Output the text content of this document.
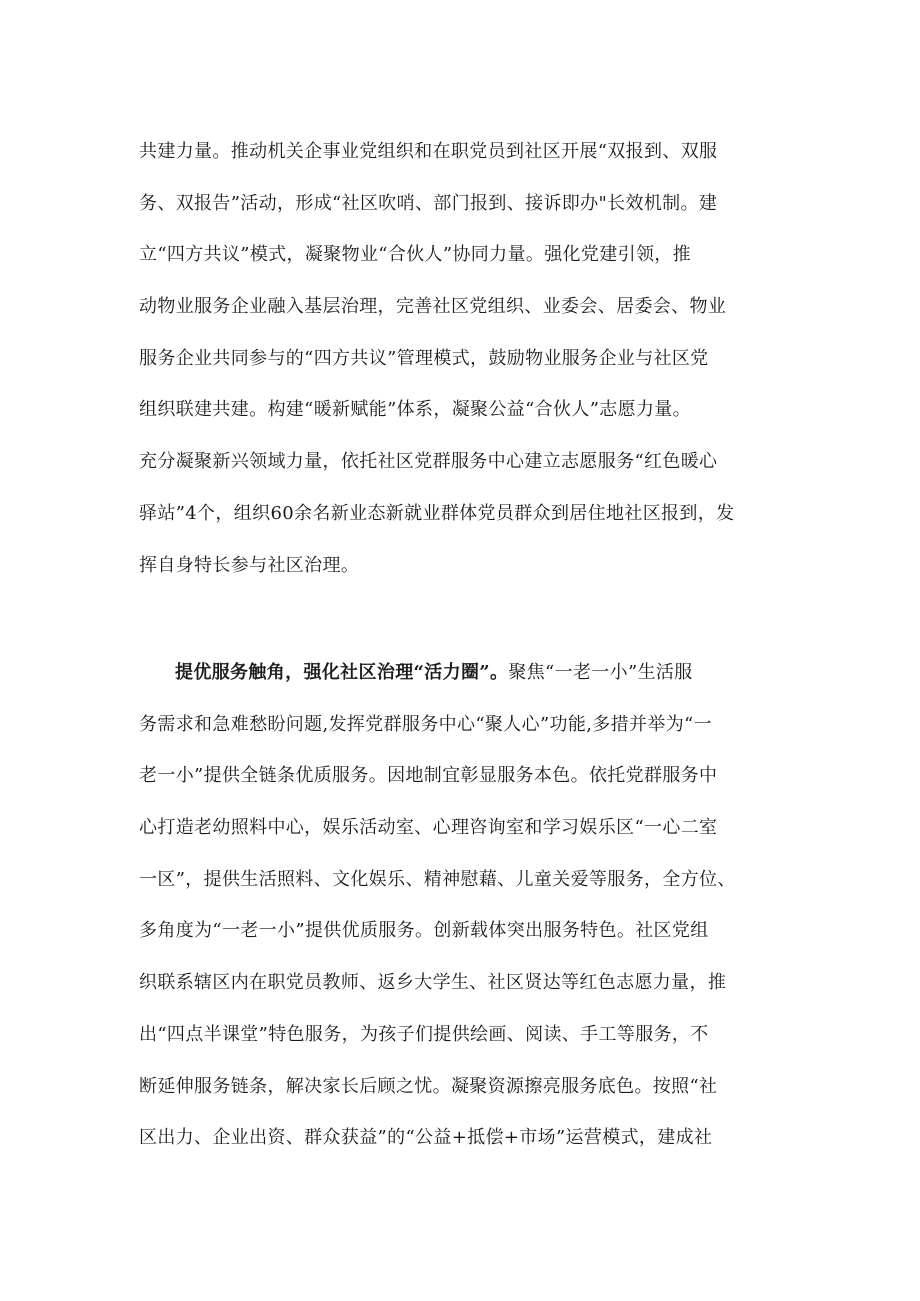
共建力量。推动机关企事业党组织和在职党员到社区开展“双报到、双服
务、双报告”活动，形成“社区吹哨、部门报到、接诉即办"长效机制。建
立“四方共议”模式，凝聚物业“合伙人”协同力量。强化党建引领，推
动物业服务企业融入基层治理，完善社区党组织、业委会、居委会、物业
服务企业共同参与的“四方共议”管理模式，鼓励物业服务企业与社区党
组织联建共建。构建“暖新赋能”体系，凝聚公益“合伙人”志愿力量。
充分凝聚新兴领域力量，依托社区党群服务中心建立志愿服务“红色暖心
驿站”4个，组织60余名新业态新就业群体党员群众到居住地社区报到，发
挥自身特长参与社区治理。
提优服务触角，强化社区治理“活力圈”。聚焦“一老一小”生活服
务需求和急难愁盼问题,发挥党群服务中心“聚人心”功能,多措并举为“一
老一小”提供全链条优质服务。因地制宜彰显服务本色。依托党群服务中
心打造老幼照料中心，娱乐活动室、心理咨询室和学习娱乐区“一心二室
一区”，提供生活照料、文化娱乐、精神慰藉、儿童关爱等服务，全方位、
多角度为“一老一小”提供优质服务。创新载体突出服务特色。社区党组
织联系辖区内在职党员教师、返乡大学生、社区贤达等红色志愿力量，推
出“四点半课堂”特色服务，为孩子们提供绘画、阅读、手工等服务，不
断延伸服务链条，解决家长后顾之忧。凝聚资源擦亮服务底色。按照“社
区出力、企业出资、群众获益”的“公益+抵偿+市场”运营模式，建成社
